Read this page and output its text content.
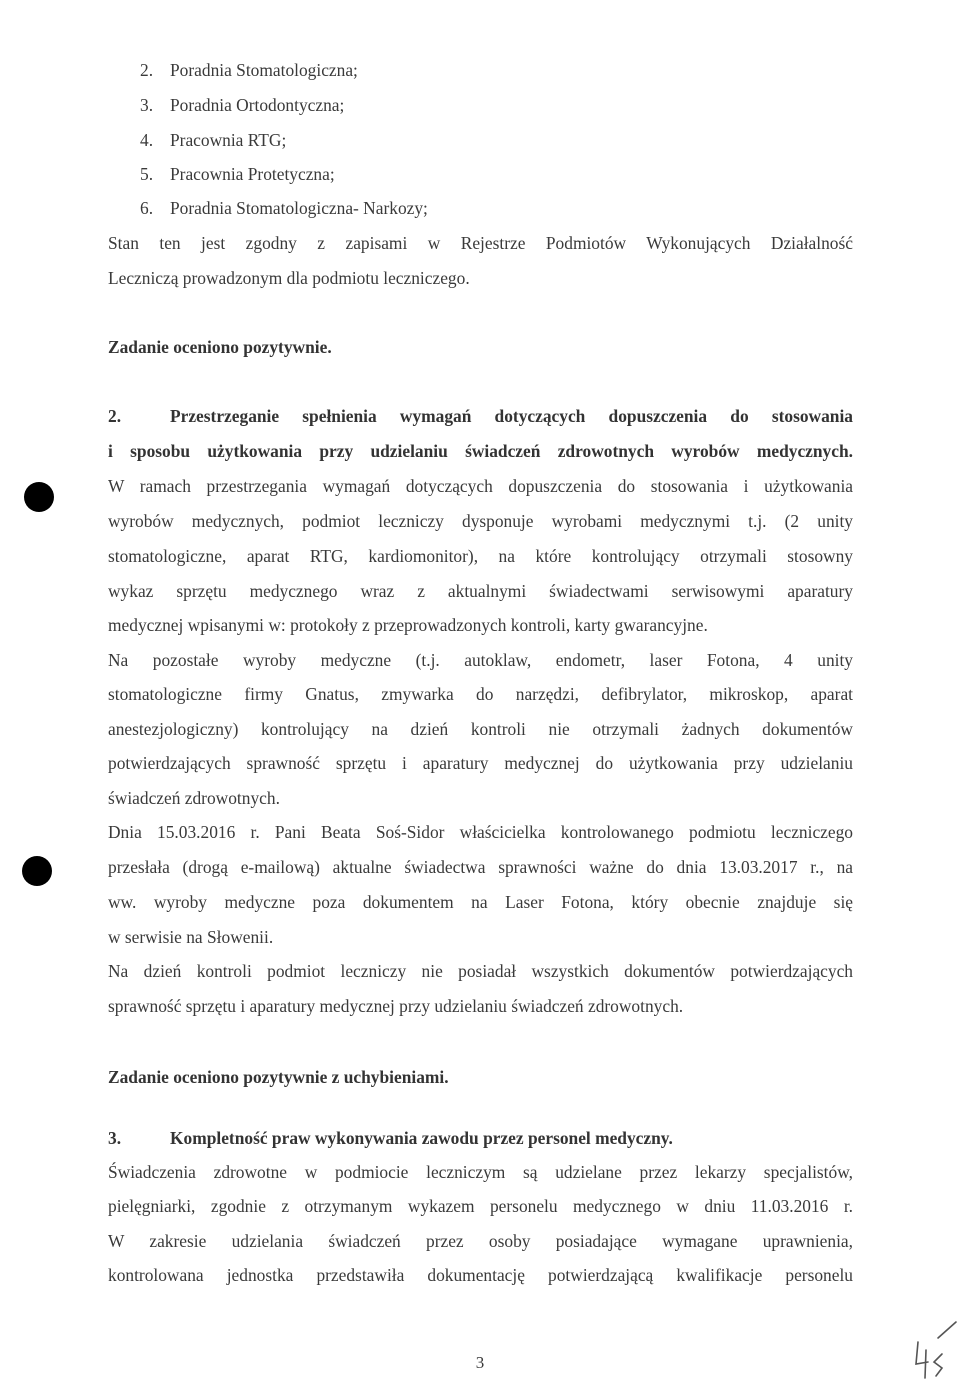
2. Poradnia Stomatologiczna;
3. Poradnia Ortodontyczna;
4. Pracownia RTG;
5. Pracownia Protetyczna;
6. Poradnia Stomatologiczna- Narkozy;
Stan ten jest zgodny z zapisami w Rejestrze Podmiotów Wykonujących Działalność
Leczniczą prowadzonym dla podmiotu leczniczego.
Zadanie oceniono pozytywnie.
2.	Przestrzeganie spełnienia wymagań dotyczących dopuszczenia do stosowania
i sposobu użytkowania przy udzielaniu świadczeń zdrowotnych wyrobów medycznych.
W ramach przestrzegania wymagań dotyczących dopuszczenia do stosowania i użytkowania
wyrobów medycznych, podmiot leczniczy dysponuje wyrobami medycznymi t.j. (2 unity
stomatologiczne, aparat RTG, kardiomonitor), na które kontrolujący otrzymali stosowny
wykaz sprzętu medycznego wraz z aktualnymi świadectwami serwisowymi aparatury
medycznej wpisanymi w: protokoły z przeprowadzonych kontroli, karty gwarancyjne.
Na pozostałe wyroby medyczne (t.j. autoklaw, endometr, laser Fotona, 4 unity
stomatologiczne firmy Gnatus, zmywarka do narzędzi, defibrylator, mikroskop, aparat
anestezjologiczny) kontrolujący na dzień kontroli nie otrzymali żadnych dokumentów
potwierdzających sprawność sprzętu i aparatury medycznej do użytkowania przy udzielaniu
świadczeń zdrowotnych.
Dnia 15.03.2016 r. Pani Beata Soś-Sidor właścicielka kontrolowanego podmiotu leczniczego
przesłała (drogą e-mailową) aktualne świadectwa sprawności ważne do dnia 13.03.2017 r., na
ww. wyroby medyczne poza dokumentem na Laser Fotona, który obecnie znajduje się
w serwisie na Słowenii.
Na dzień kontroli podmiot leczniczy nie posiadał wszystkich dokumentów potwierdzających
sprawność sprzętu i aparatury medycznej przy udzielaniu świadczeń zdrowotnych.
Zadanie oceniono pozytywnie z uchybieniami.
3.	Kompletność praw wykonywania zawodu przez personel medyczny.
Świadczenia zdrowotne w podmiocie leczniczym są udzielane przez lekarzy specjalistów,
pielęgniarki, zgodnie z otrzymanym wykazem personelu medycznego w dniu 11.03.2016 r.
W zakresie udzielania świadczeń przez osoby posiadające wymagane uprawnienia,
kontrolowana jednostka przedstawiła dokumentację potwierdzającą kwalifikacje personelu
3
